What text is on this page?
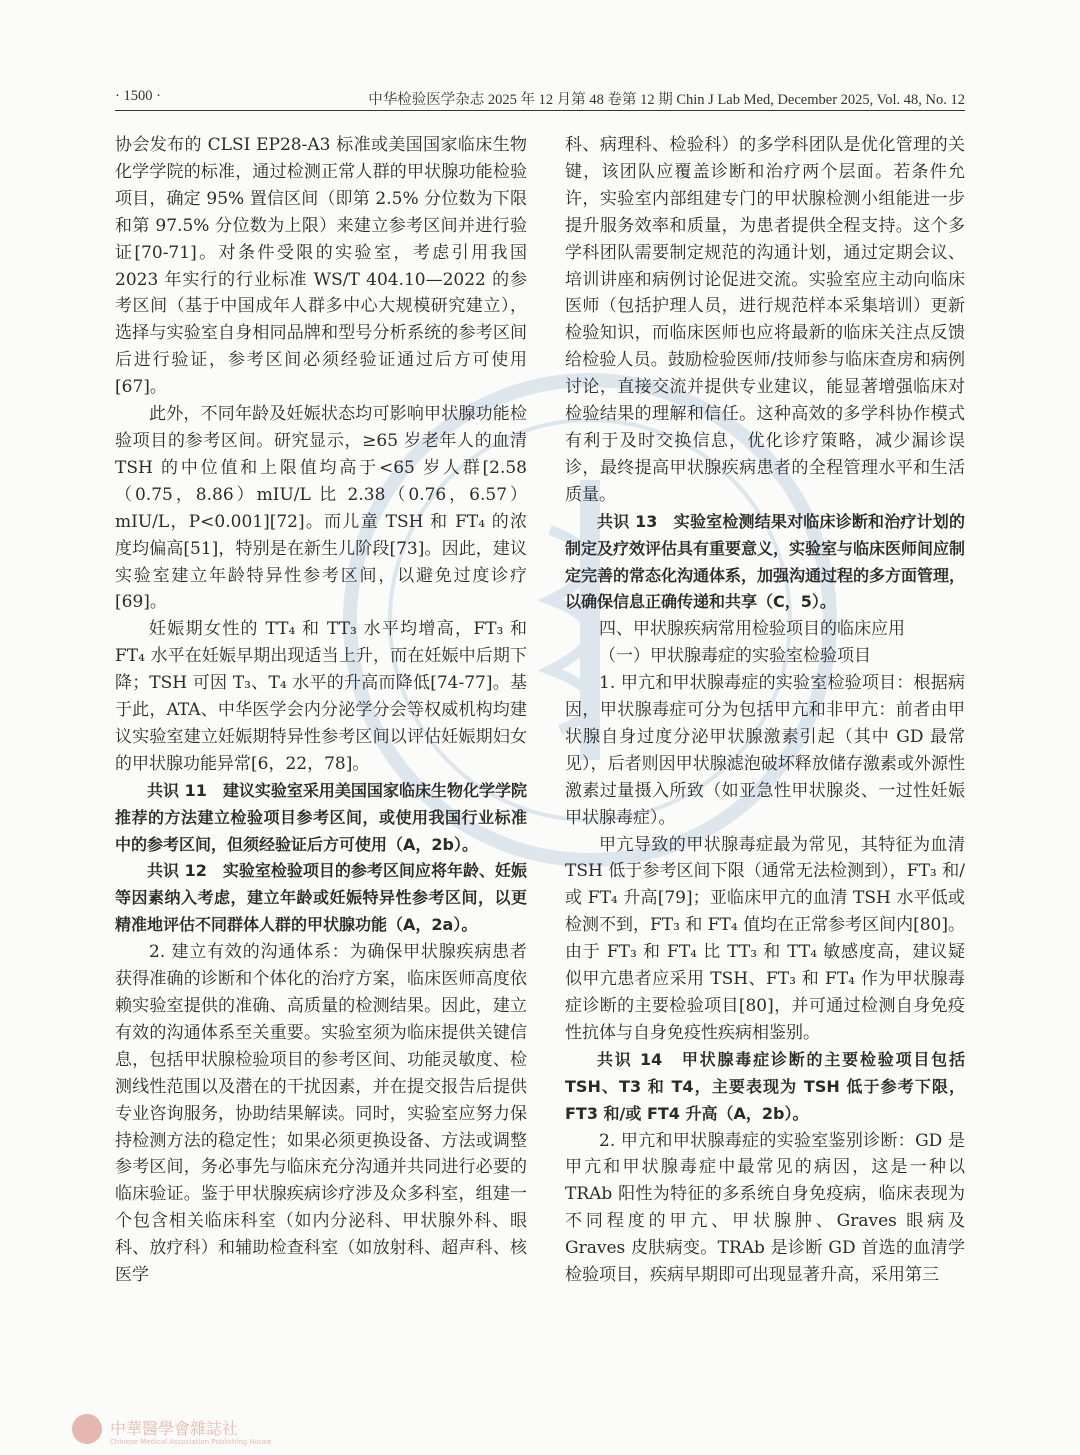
· 1500 ·	中华检验医学杂志 2025 年 12 月第 48 卷第 12 期 Chin J Lab Med, December 2025, Vol. 48, No. 12

协会发布的 CLSI EP28-A3 标准或美国国家临床生物化学学院的标准，通过检测正常人群的甲状腺功能检验项目，确定 95% 置信区间（即第 2.5% 分位数为下限和第 97.5% 分位数为上限）来建立参考区间并进行验证[70-71]。对条件受限的实验室，考虑引用我国 2023 年实行的行业标准 WS/T 404.10—2022 的参考区间（基于中国成年人群多中心大规模研究建立），选择与实验室自身相同品牌和型号分析系统的参考区间后进行验证，参考区间必须经验证通过后方可使用[67]。

此外，不同年龄及妊娠状态均可影响甲状腺功能检验项目的参考区间。研究显示，≥65 岁老年人的血清 TSH 的中位值和上限值均高于<65 岁人群[2.58（0.75，8.86）mIU/L 比 2.38（0.76，6.57）mIU/L，P<0.001][72]。而儿童 TSH 和 FT₄ 的浓度均偏高[51]，特别是在新生儿阶段[73]。因此，建议实验室建立年龄特异性参考区间，以避免过度诊疗[69]。

妊娠期女性的 TT₄ 和 TT₃ 水平均增高，FT₃ 和 FT₄ 水平在妊娠早期出现适当上升，而在妊娠中后期下降；TSH 可因 T₃、T₄ 水平的升高而降低[74-77]。基于此，ATA、中华医学会内分泌学分会等权威机构均建议实验室建立妊娠期特异性参考区间以评估妊娠期妇女的甲状腺功能异常[6，22，78]。

共识 11　建议实验室采用美国国家临床生物化学学院推荐的方法建立检验项目参考区间，或使用我国行业标准中的参考区间，但须经验证后方可使用（A，2b）。

共识 12　实验室检验项目的参考区间应将年龄、妊娠等因素纳入考虑，建立年龄或妊娠特异性参考区间，以更精准地评估不同群体人群的甲状腺功能（A，2a）。

2. 建立有效的沟通体系：为确保甲状腺疾病患者获得准确的诊断和个体化的治疗方案，临床医师高度依赖实验室提供的准确、高质量的检测结果。因此，建立有效的沟通体系至关重要。实验室须为临床提供关键信息，包括甲状腺检验项目的参考区间、功能灵敏度、检测线性范围以及潜在的干扰因素，并在提交报告后提供专业咨询服务，协助结果解读。同时，实验室应努力保持检测方法的稳定性；如果必须更换设备、方法或调整参考区间，务必事先与临床充分沟通并共同进行必要的临床验证。鉴于甲状腺疾病诊疗涉及众多科室，组建一个包含相关临床科室（如内分泌科、甲状腺外科、眼科、放疗科）和辅助检查科室（如放射科、超声科、核医学

科、病理科、检验科）的多学科团队是优化管理的关键，该团队应覆盖诊断和治疗两个层面。若条件允许，实验室内部组建专门的甲状腺检测小组能进一步提升服务效率和质量，为患者提供全程支持。这个多学科团队需要制定规范的沟通计划，通过定期会议、培训讲座和病例讨论促进交流。实验室应主动向临床医师（包括护理人员，进行规范样本采集培训）更新检验知识，而临床医师也应将最新的临床关注点反馈给检验人员。鼓励检验医师/技师参与临床查房和病例讨论，直接交流并提供专业建议，能显著增强临床对检验结果的理解和信任。这种高效的多学科协作模式有利于及时交换信息，优化诊疗策略，减少漏诊误诊，最终提高甲状腺疾病患者的全程管理水平和生活质量。

共识 13　实验室检测结果对临床诊断和治疗计划的制定及疗效评估具有重要意义，实验室与临床医师间应制定完善的常态化沟通体系，加强沟通过程的多方面管理，以确保信息正确传递和共享（C，5）。

四、甲状腺疾病常用检验项目的临床应用

（一）甲状腺毒症的实验室检验项目

1. 甲亢和甲状腺毒症的实验室检验项目：根据病因，甲状腺毒症可分为包括甲亢和非甲亢：前者由甲状腺自身过度分泌甲状腺激素引起（其中 GD 最常见），后者则因甲状腺滤泡破坏释放储存激素或外源性激素过量摄入所致（如亚急性甲状腺炎、一过性妊娠甲状腺毒症）。

甲亢导致的甲状腺毒症最为常见，其特征为血清 TSH 低于参考区间下限（通常无法检测到），FT₃ 和/或 FT₄ 升高[79]；亚临床甲亢的血清 TSH 水平低或检测不到，FT₃ 和 FT₄ 值均在正常参考区间内[80]。由于 FT₃ 和 FT₄ 比 TT₃ 和 TT₄ 敏感度高，建议疑似甲亢患者应采用 TSH、FT₃ 和 FT₄ 作为甲状腺毒症诊断的主要检验项目[80]，并可通过检测自身免疫性抗体与自身免疫性疾病相鉴别。

共识 14　甲状腺毒症诊断的主要检验项目包括 TSH、T3 和 T4，主要表现为 TSH 低于参考下限，FT3 和/或 FT4 升高（A，2b）。

2. 甲亢和甲状腺毒症的实验室鉴别诊断：GD 是甲亢和甲状腺毒症中最常见的病因，这是一种以 TRAb 阳性为特征的多系统自身免疫病，临床表现为不同程度的甲亢、甲状腺肿、Graves 眼病及 Graves 皮肤病变。TRAb 是诊断 GD 首选的血清学检验项目，疾病早期即可出现显著升高，采用第三

中華醫學會雜誌社
Chinese Medical Association Publishing House
